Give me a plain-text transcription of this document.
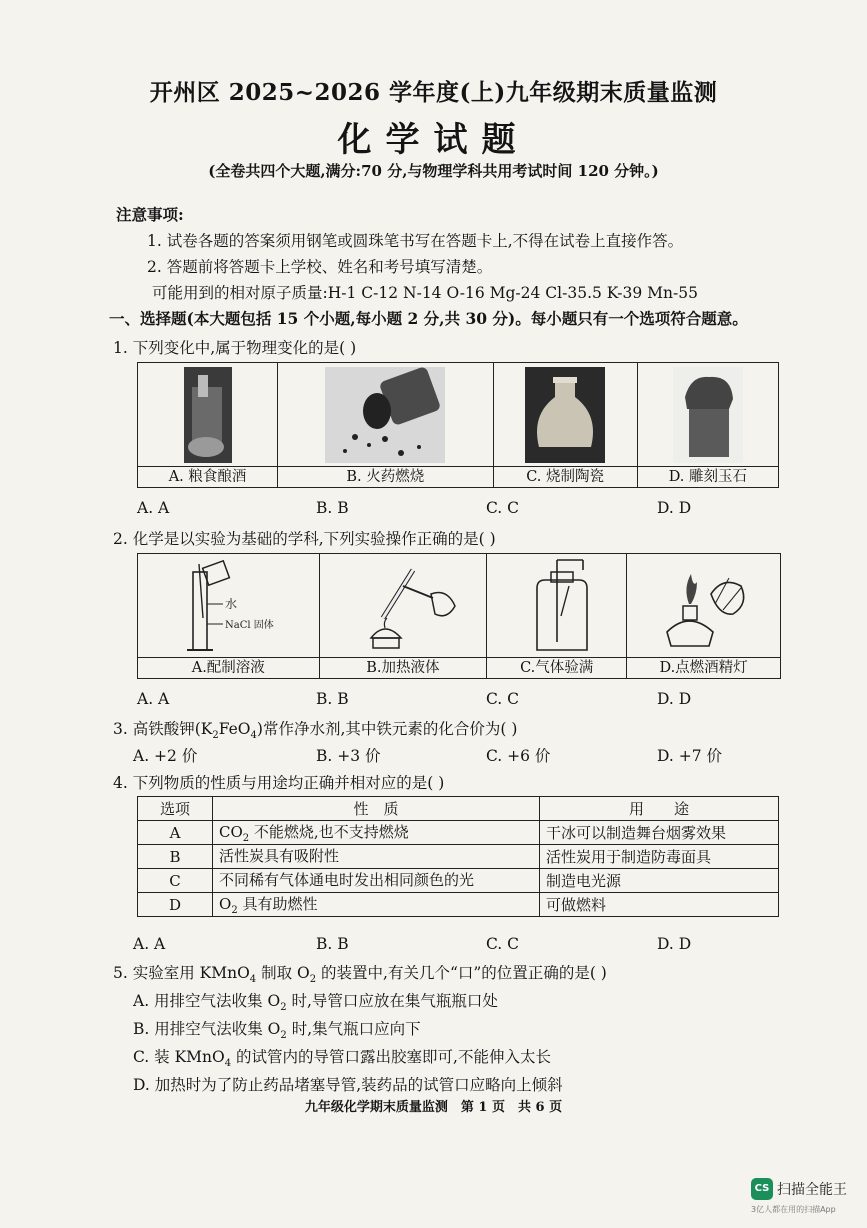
开州区 2025~2026 学年度(上)九年级期末质量监测
化学试题
(全卷共四个大题,满分:70 分,与物理学科共用考试时间 120 分钟。)
注意事项:
1. 试卷各题的答案须用钢笔或圆珠笔书写在答题卡上,不得在试卷上直接作答。
2. 答题前将答题卡上学校、姓名和考号填写清楚。
可能用到的相对原子质量:H-1 C-12 N-14 O-16 Mg-24 Cl-35.5 K-39 Mn-55
一、选择题(本大题包括 15 个小题,每小题 2 分,共 30 分)。每小题只有一个选项符合题意。
1. 下列变化中,属于物理变化的是( )

A. 粮食酿酒	B. 火药燃烧	C. 烧制陶瓷	D. 雕刻玉石
A. A	B. B	C. C	D. D
2. 化学是以实验为基础的学科,下列实验操作正确的是( )
水
NaCl 固体

A.配制溶液	B.加热液体	C.气体验满	D.点燃酒精灯
A. A	B. B	C. C	D. D
3. 高铁酸钾$(K_2FeO_4)$常作净水剂,其中铁元素的化合价为( )
A. +2 价	B. +3 价	C. +6 价	D. +7 价
4. 下列物质的性质与用途均正确并相对应的是( )
选项	性　质	用　　途
A	$CO_2$ 不能燃烧,也不支持燃烧	干冰可以制造舞台烟雾效果
B	活性炭具有吸附性	活性炭用于制造防毒面具
C	不同稀有气体通电时发出相同颜色的光	制造电光源
D	$O_2$ 具有助燃性	可做燃料
A. A	B. B	C. C	D. D
5. 实验室用 KMnO$_4$ 制取 $O_2$ 的装置中,有关几个“口”的位置正确的是( )
A. 用排空气法收集 $O_2$ 时,导管口应放在集气瓶瓶口处
B. 用排空气法收集 $O_2$ 时,集气瓶口应向下
C. 装 KMnO$_4$ 的试管内的导管口露出胶塞即可,不能伸入太长
D. 加热时为了防止药品堵塞导管,装药品的试管口应略向上倾斜
九年级化学期末质量监测　第 1 页　共 6 页
CS 扫描全能王
3亿人都在用的扫描App
